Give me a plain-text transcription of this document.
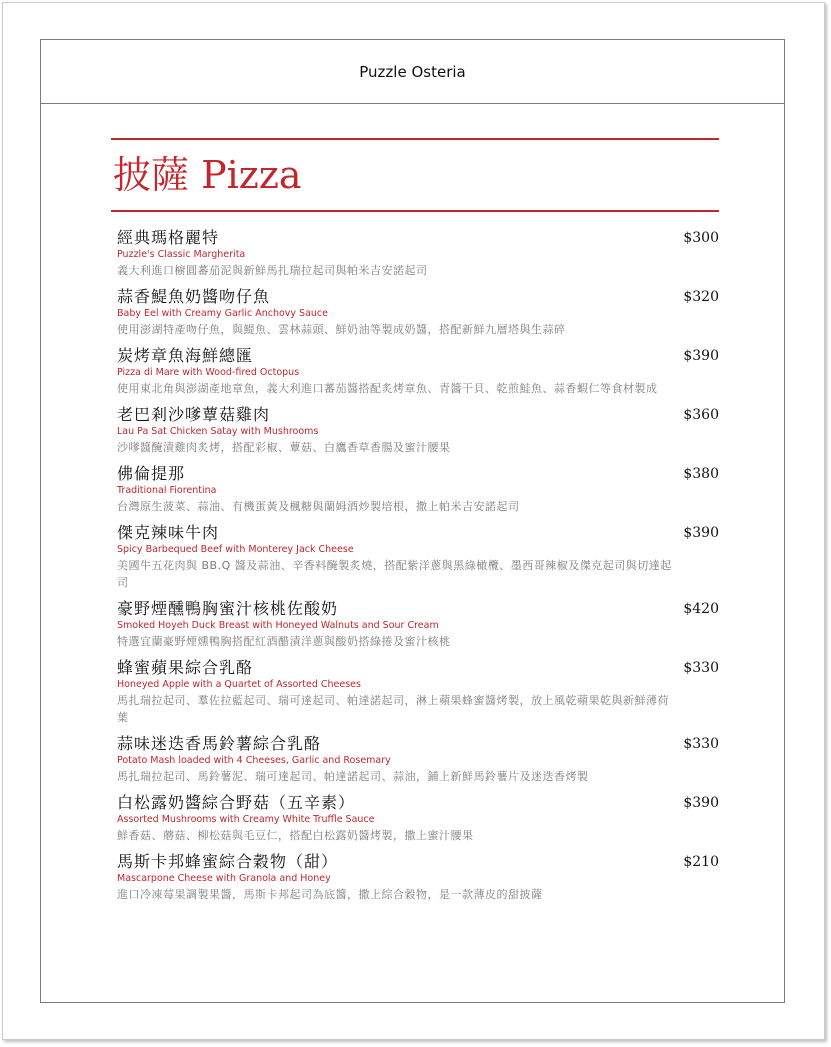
Puzzle Osteria
披薩 Pizza
經典瑪格麗特
Puzzle's Classic Margherita
義大利進口櫥圓蕃茄泥與新鮮馬扎瑞拉起司與帕米吉安諾起司
$300
蒜香鯷魚奶醬吻仔魚
Baby Eel with Creamy Garlic Anchovy Sauce
使用澎湖特產吻仔魚，與鯷魚、雲林蒜頭、鮮奶油等製成奶醬，搭配新鮮九層塔與生蒜碎
$320
炭烤章魚海鮮總匯
Pizza di Mare with Wood-fired Octopus
使用東北角與澎湖產地章魚，義大利進口蕃茄醬搭配炙烤章魚、青醬干貝、乾煎鮭魚、蒜香蝦仁等食材製成
$390
老巴剎沙嗲蕈菇雞肉
Lau Pa Sat Chicken Satay with Mushrooms
沙嗲醬醃漬雞肉炙烤，搭配彩椒、蕈菇、白鷹香草香腸及蜜汁腰果
$360
佛倫提那
Traditional Fiorentina
台灣原生菠菜、蒜油、有機蛋黃及楓糖與蘭姆酒炒製培根，撒上帕米吉安諾起司
$380
傑克辣味牛肉
Spicy Barbequed Beef with Monterey Jack Cheese
美國牛五花肉與 BB.Q 醬及蒜油、辛香料醃製炙燒，搭配紫洋蔥與黑綠橄欖、墨西哥辣椒及傑克起司與切達起司
$390
豪野煙醺鴨胸蜜汁核桃佐酸奶
Smoked Hoyeh Duck Breast with Honeyed Walnuts and Sour Cream
特選宜蘭豪野煙燻鴨胸搭配紅酒醋漬洋蔥與酸奶搭綠捲及蜜汁核桃
$420
蜂蜜蘋果綜合乳酪
Honeyed Apple with a Quartet of Assorted Cheeses
馬扎瑞拉起司、羣佐拉藍起司、瑞可達起司、帕達諾起司，淋上蘋果蜂蜜醬烤製，放上風乾蘋果乾與新鮮薄荷葉
$330
蒜味迷迭香馬鈴薯綜合乳酪
Potato Mash loaded with 4 Cheeses, Garlic and Rosemary
馬扎瑞拉起司、馬鈴薯泥、瑞可達起司、帕達諾起司、蒜油，鋪上新鮮馬鈴薯片及迷迭香烤製
$330
白松露奶醬綜合野菇（五辛素）
Assorted Mushrooms with Creamy White Truffle Sauce
鮮香菇、蘑菇、柳松菇與毛豆仁，搭配白松露奶醬烤製，撒上蜜汁腰果
$390
馬斯卡邦蜂蜜綜合穀物（甜）
Mascarpone Cheese with Granola and Honey
進口冷凍莓果調製果醬，馬斯卡邦起司為底醬，撒上綜合穀物，是一款薄皮的甜披薩
$210
